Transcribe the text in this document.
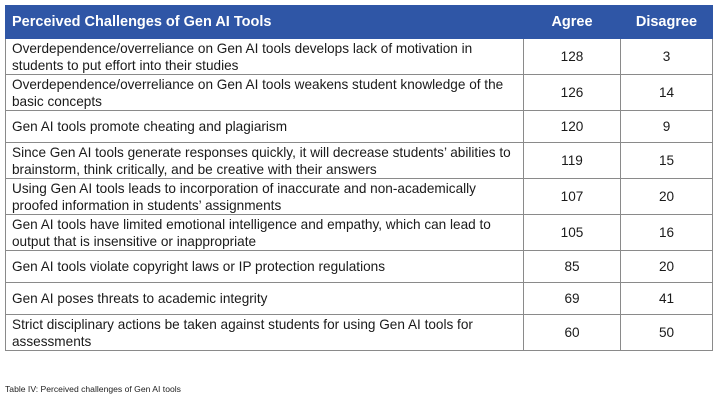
Perceived Challenges of Gen AI Tools	Agree	Disagree
Overdependence/overreliance on Gen AI tools develops lack of motivation in students to put effort into their studies	128	3
Overdependence/overreliance on Gen AI tools weakens student knowledge of the basic concepts	126	14
Gen AI tools promote cheating and plagiarism	120	9
Since Gen AI tools generate responses quickly, it will decrease students’ abilities to brainstorm, think critically, and be creative with their answers	119	15
Using Gen AI tools leads to incorporation of inaccurate and non-academically proofed information in students’ assignments	107	20
Gen AI tools have limited emotional intelligence and empathy, which can lead to output that is insensitive or inappropriate	105	16
Gen AI tools violate copyright laws or IP protection regulations	85	20
Gen AI poses threats to academic integrity	69	41
Strict disciplinary actions be taken against students for using Gen AI tools for assessments	60	50
Table IV: Perceived challenges of Gen AI tools
